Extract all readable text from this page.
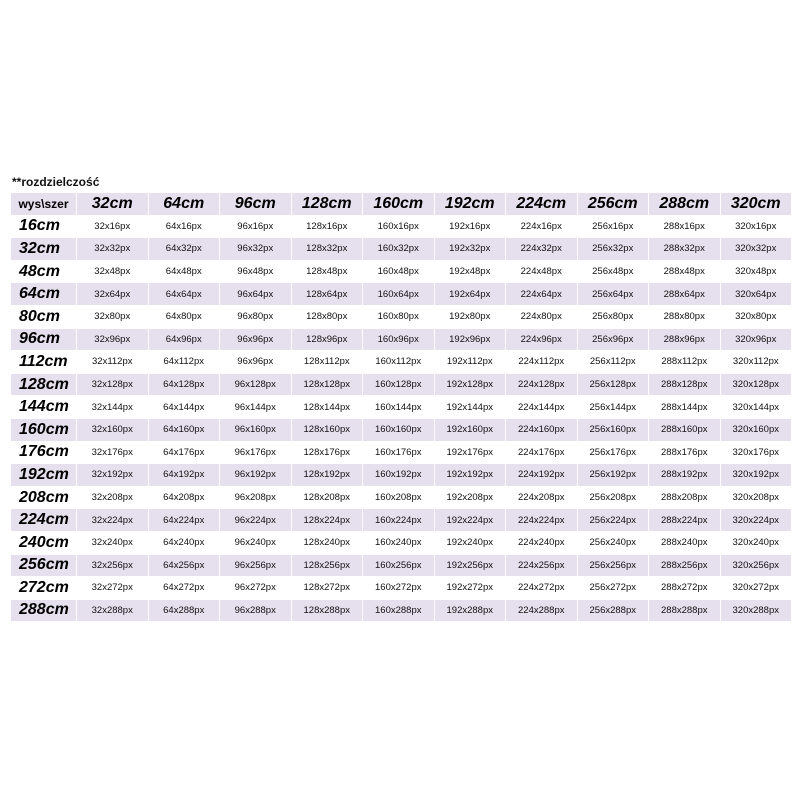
**rozdzielczość
wys\szer	32cm	64cm	96cm	128cm	160cm	192cm	224cm	256cm	288cm	320cm
16cm	32x16px	64x16px	96x16px	128x16px	160x16px	192x16px	224x16px	256x16px	288x16px	320x16px
32cm	32x32px	64x32px	96x32px	128x32px	160x32px	192x32px	224x32px	256x32px	288x32px	320x32px
48cm	32x48px	64x48px	96x48px	128x48px	160x48px	192x48px	224x48px	256x48px	288x48px	320x48px
64cm	32x64px	64x64px	96x64px	128x64px	160x64px	192x64px	224x64px	256x64px	288x64px	320x64px
80cm	32x80px	64x80px	96x80px	128x80px	160x80px	192x80px	224x80px	256x80px	288x80px	320x80px
96cm	32x96px	64x96px	96x96px	128x96px	160x96px	192x96px	224x96px	256x96px	288x96px	320x96px
112cm	32x112px	64x112px	96x96px	128x112px	160x112px	192x112px	224x112px	256x112px	288x112px	320x112px
128cm	32x128px	64x128px	96x128px	128x128px	160x128px	192x128px	224x128px	256x128px	288x128px	320x128px
144cm	32x144px	64x144px	96x144px	128x144px	160x144px	192x144px	224x144px	256x144px	288x144px	320x144px
160cm	32x160px	64x160px	96x160px	128x160px	160x160px	192x160px	224x160px	256x160px	288x160px	320x160px
176cm	32x176px	64x176px	96x176px	128x176px	160x176px	192x176px	224x176px	256x176px	288x176px	320x176px
192cm	32x192px	64x192px	96x192px	128x192px	160x192px	192x192px	224x192px	256x192px	288x192px	320x192px
208cm	32x208px	64x208px	96x208px	128x208px	160x208px	192x208px	224x208px	256x208px	288x208px	320x208px
224cm	32x224px	64x224px	96x224px	128x224px	160x224px	192x224px	224x224px	256x224px	288x224px	320x224px
240cm	32x240px	64x240px	96x240px	128x240px	160x240px	192x240px	224x240px	256x240px	288x240px	320x240px
256cm	32x256px	64x256px	96x256px	128x256px	160x256px	192x256px	224x256px	256x256px	288x256px	320x256px
272cm	32x272px	64x272px	96x272px	128x272px	160x272px	192x272px	224x272px	256x272px	288x272px	320x272px
288cm	32x288px	64x288px	96x288px	128x288px	160x288px	192x288px	224x288px	256x288px	288x288px	320x288px
